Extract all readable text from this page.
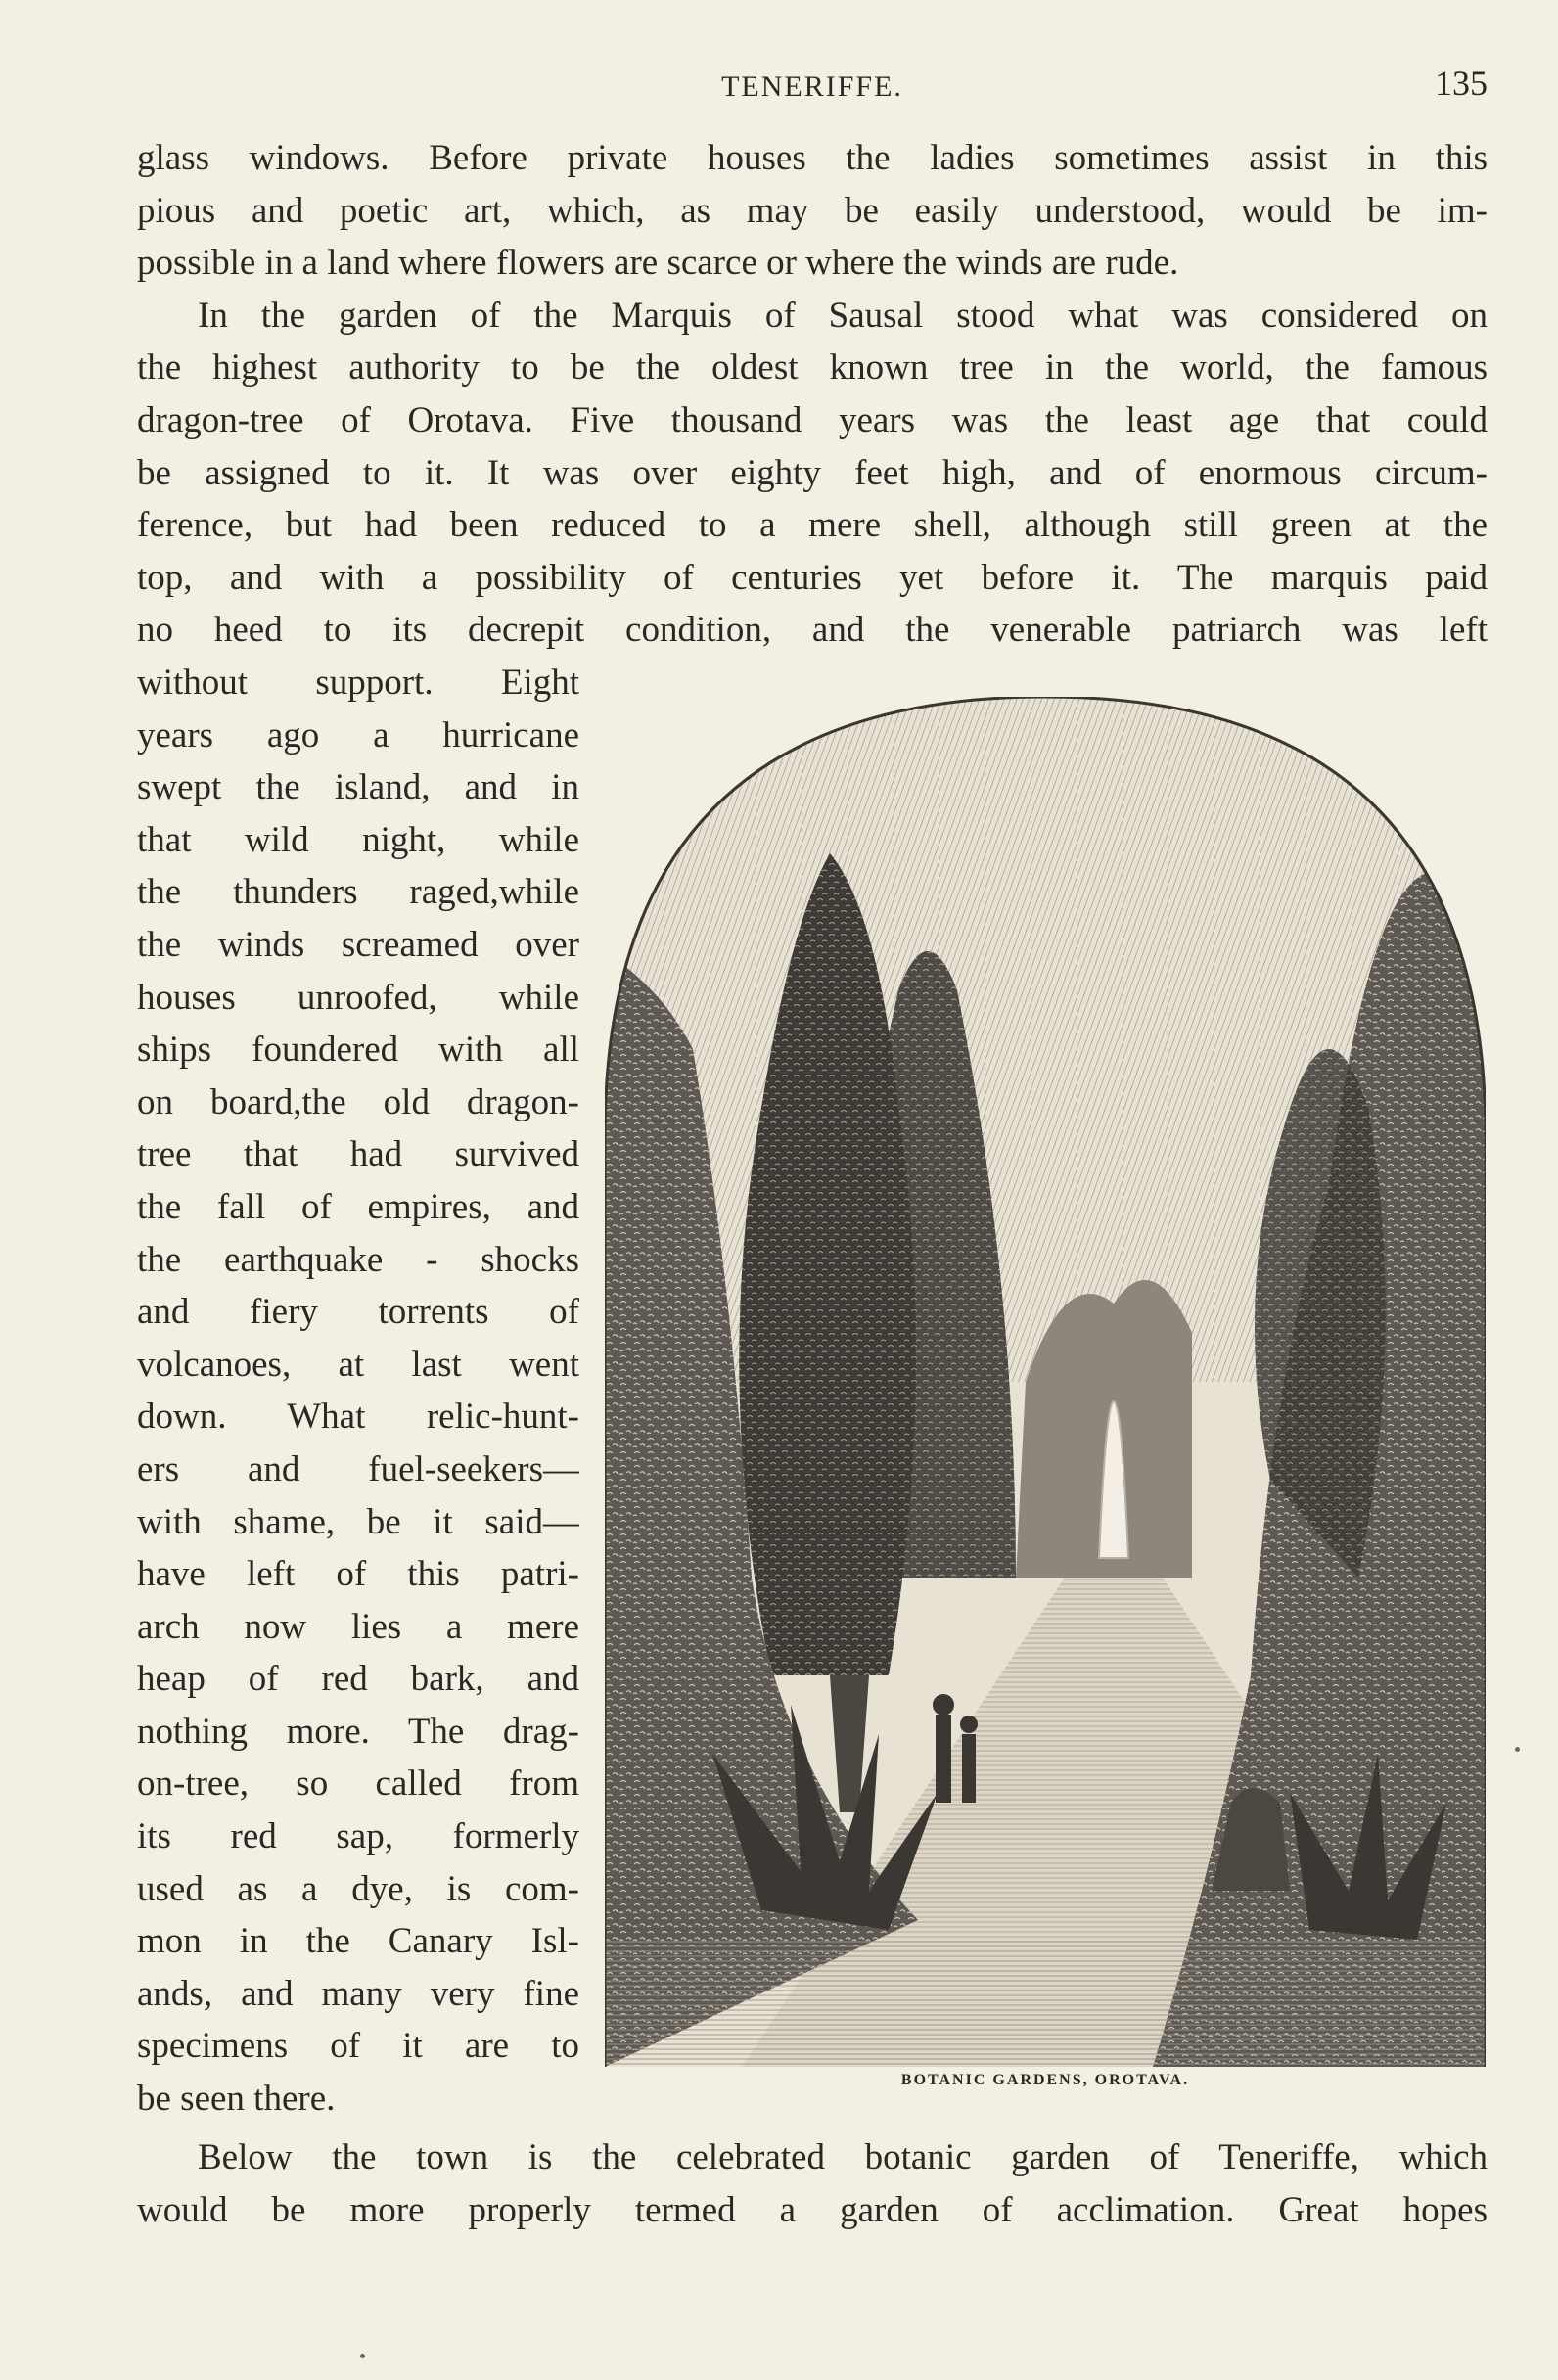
TENERIFFE.	135
glass windows. Before private houses the ladies sometimes assist in this
pious and poetic art, which, as may be easily understood, would be im-
possible in a land where flowers are scarce or where the winds are rude.
In the garden of the Marquis of Sausal stood what was considered on
the highest authority to be the oldest known tree in the world, the famous
dragon-tree of Orotava. Five thousand years was the least age that could
be assigned to it. It was over eighty feet high, and of enormous circum-
ference, but had been reduced to a mere shell, although still green at the
top, and with a possibility of centuries yet before it. The marquis paid
no heed to its decrepit condition, and the venerable patriarch was left
without support. Eight
years ago a hurricane
swept the island, and in
that wild night, while
the thunders raged,while
the winds screamed over
houses unroofed, while
ships foundered with all
on board,the old dragon-
tree that had survived
the fall of empires, and
the earthquake - shocks
and fiery torrents of
volcanoes, at last went
down. What relic-hunt-
ers and fuel-seekers—
with shame, be it said—
have left of this patri-
arch now lies a mere
heap of red bark, and
nothing more. The drag-
on-tree, so called from
its red sap, formerly
used as a dye, is com-
mon in the Canary Isl-
ands, and many very fine
specimens of it are to
be seen there.	BOTANIC GARDENS, OROTAVA.
Below the town is the celebrated botanic garden of Teneriffe, which
would be more properly termed a garden of acclimation. Great hopes
